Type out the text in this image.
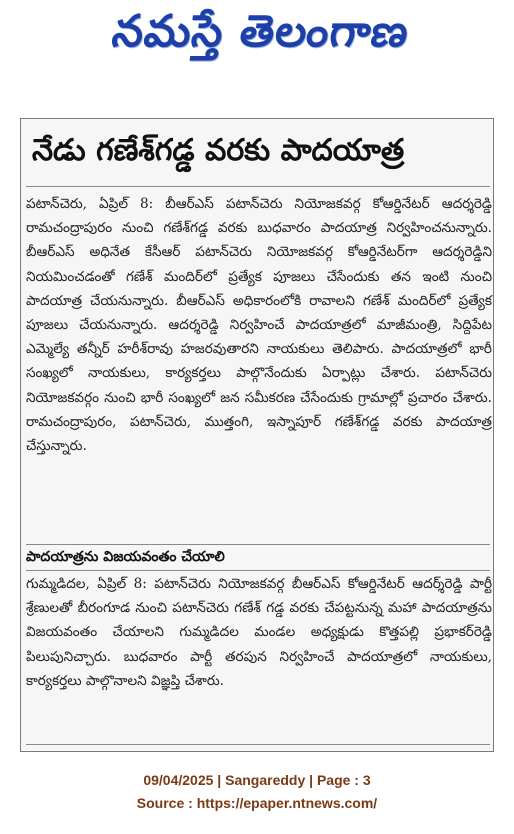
నమస్తే తెలంగాణ
నేడు గణేశ్‌గడ్డ వరకు పాదయాత్ర

పటాన్‌చెరు, ఏప్రిల్ 8: బీఆర్‌ఎస్ పటాన్‌చెరు నియోజకవర్గ కోఆర్డినేటర్ ఆదర్శరెడ్డి రామచంద్రాపురం నుంచి గణేశ్‌గడ్డ వరకు బుధవారం పాదయాత్ర నిర్వహించనున్నారు. బీఆర్‌ఎస్ అధినేత కేసీఆర్ పటాన్‌చెరు నియోజకవర్గ కోఆర్డినేటర్‌గా ఆదర్శరెడ్డిని నియమించడంతో గణేశ్ మందిర్‌లో ప్రత్యేక పూజలు చేసేందుకు తన ఇంటి నుంచి పాదయాత్ర చేయనున్నారు. బీఆర్‌ఎస్ అధికారంలోకి రావాలని గణేశ్ మందిర్‌లో ప్రత్యేక పూజలు చేయనున్నారు. ఆదర్శరెడ్డి నిర్వహించే పాదయాత్రలో మాజీమంత్రి, సిద్దిపేట ఎమ్మెల్యే తన్నీర్ హరీశ్‌రావు హజరవుతారని నాయకులు తెలిపారు. పాదయాత్రలో భారీ సంఖ్యలో నాయకులు, కార్యకర్తలు పాల్గొనేందుకు ఏర్పాట్లు చేశారు. పటాన్‌చెరు నియోజకవర్గం నుంచి భారీ సంఖ్యలో జన సమీకరణ చేసేందుకు గ్రామాల్లో ప్రచారం చేశారు. రామచంద్రాపురం, పటాన్‌చెరు, ముత్తంగి, ఇస్నాపూర్ గణేశ్‌గడ్డ వరకు పాదయాత్ర చేస్తున్నారు.

పాదయాత్రను విజయవంతం చేయాలి

గుమ్మడిదల, ఏప్రిల్ 8: పటాన్‌చెరు నియోజకవర్గ బీఆర్‌ఎస్ కోఆర్డినేటర్ ఆదర్శ్‌రెడ్డి పార్టీ శ్రేణులతో బీరంగూడ నుంచి పటాన్‌చెరు గణేశ్ గడ్డ వరకు చేపట్టనున్న మహా పాదయాత్రను విజయవంతం చేయాలని గుమ్మడిదల మండల అధ్యక్షుడు కొత్తపల్లి ప్రభాకర్‌రెడ్డి పిలుపునిచ్చారు. బుధవారం పార్టీ తరపున నిర్వహించే పాదయాత్రలో నాయకులు, కార్యకర్తలు పాల్గొనాలని విజ్ఞప్తి చేశారు.

09/04/2025 | Sangareddy | Page : 3
Source : https://epaper.ntnews.com/
